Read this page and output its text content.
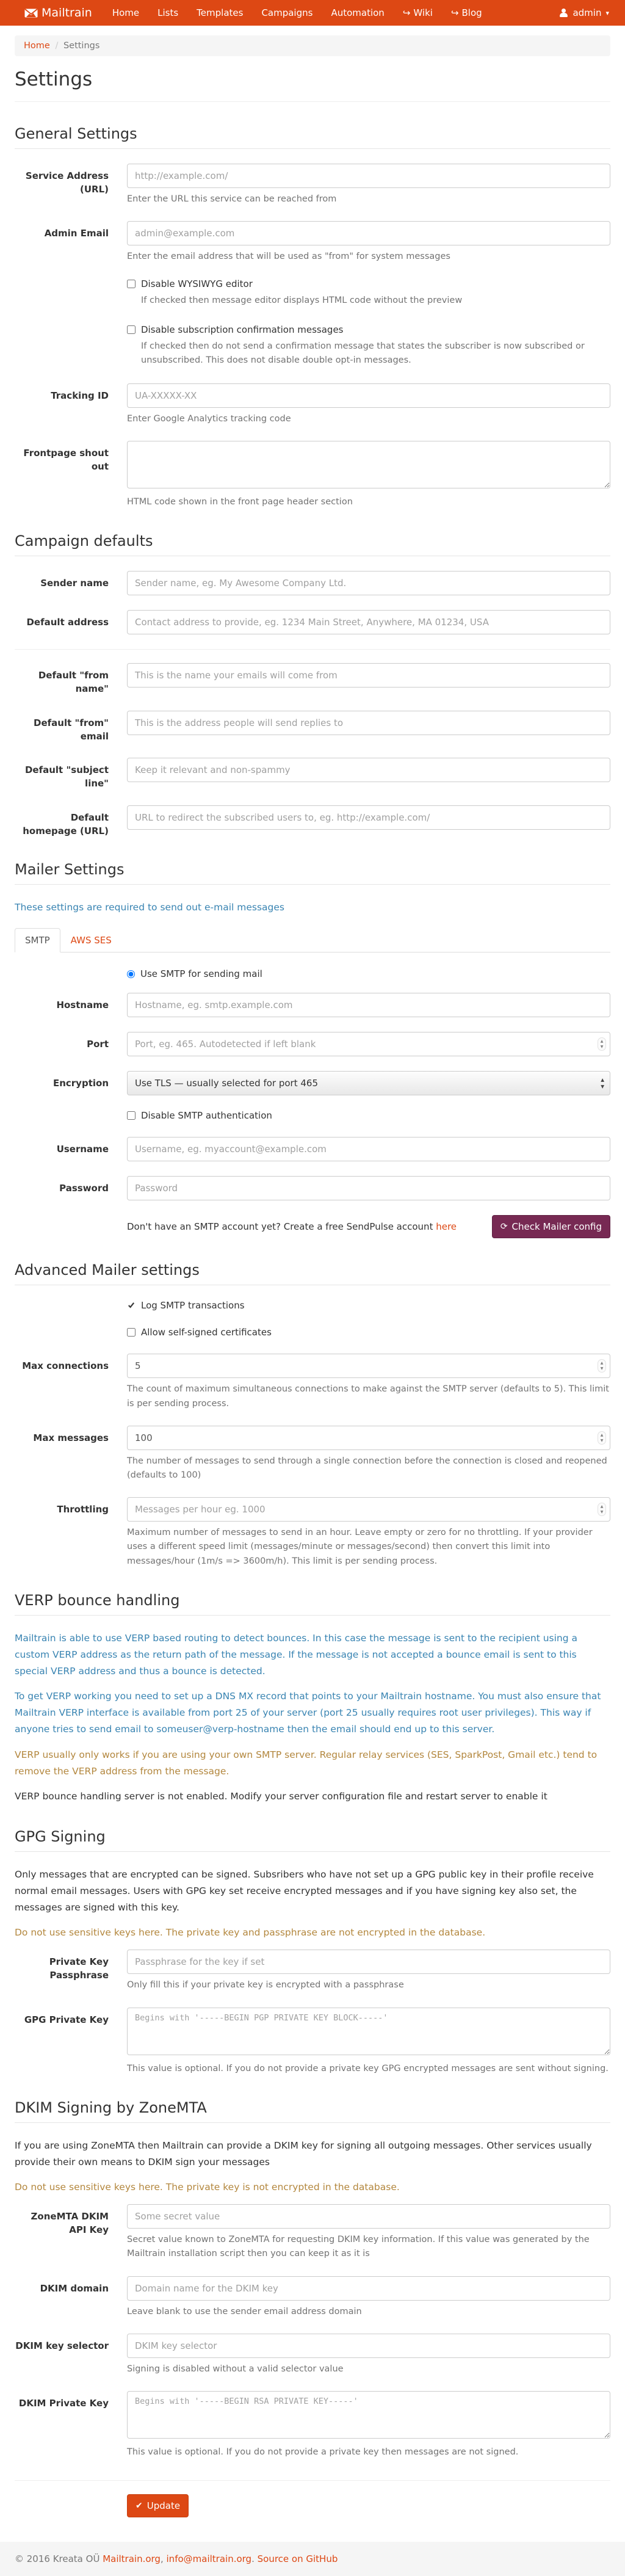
Mailtrain Home Lists Templates Campaigns Automation ↪ Wiki ↪ Blog	admin ▾
Home / Settings
Settings
General Settings
Service Address (URL)
http://example.com/
Enter the URL this service can be reached from
Admin Email
admin@example.com
Enter the email address that will be used as "from" for system messages
Disable WYSIWYG editor
If checked then message editor displays HTML code without the preview
Disable subscription confirmation messages
If checked then do not send a confirmation message that states the subscriber is now subscribed or unsubscribed. This does not disable double opt-in messages.
Tracking ID
UA-XXXXX-XX
Enter Google Analytics tracking code
Frontpage shout out
HTML code shown in the front page header section
Campaign defaults
Sender name
Sender name, eg. My Awesome Company Ltd.
Default address
Contact address to provide, eg. 1234 Main Street, Anywhere, MA 01234, USA
Default "from name"
This is the name your emails will come from
Default "from" email
This is the address people will send replies to
Default "subject line"
Keep it relevant and non-spammy
Default homepage (URL)
URL to redirect the subscribed users to, eg. http://example.com/
Mailer Settings

These settings are required to send out e-mail messages

SMTP	AWS SES
Use SMTP for sending mail
Hostname
Hostname, eg. smtp.example.com
Port
Port, eg. 465. Autodetected if left blank	▲
▼
Encryption
Use TLS — usually selected for port 465	▲
▼
Disable SMTP authentication
Username
Username, eg. myaccount@example.com
Password
Don't have an SMTP account yet? Create a free SendPulse account here	⟳ Check Mailer config
Advanced Mailer settings
Log SMTP transactions
Allow self-signed certificates
Max connections
5	▲
▼
The count of maximum simultaneous connections to make against the SMTP server (defaults to 5). This limit is per sending process.
Max messages
100	▲
▼
The number of messages to send through a single connection before the connection is closed and reopened (defaults to 100)
Throttling
Messages per hour eg. 1000	▲
▼
Maximum number of messages to send in an hour. Leave empty or zero for no throttling. If your provider uses a different speed limit (messages/minute or messages/second) then convert this limit into messages/hour (1m/s => 3600m/h). This limit is per sending process.
VERP bounce handling

Mailtrain is able to use VERP based routing to detect bounces. In this case the message is sent to the recipient using a custom VERP address as the return path of the message. If the message is not accepted a bounce email is sent to this special VERP address and thus a bounce is detected.

To get VERP working you need to set up a DNS MX record that points to your Mailtrain hostname. You must also ensure that Mailtrain VERP interface is available from port 25 of your server (port 25 usually requires root user privileges). This way if anyone tries to send email to someuser@verp-hostname then the email should end up to this server.

VERP usually only works if you are using your own SMTP server. Regular relay services (SES, SparkPost, Gmail etc.) tend to remove the VERP address from the message.

VERP bounce handling server is not enabled. Modify your server configuration file and restart server to enable it

GPG Signing

Only messages that are encrypted can be signed. Subsribers who have not set up a GPG public key in their profile receive normal email messages. Users with GPG key set receive encrypted messages and if you have signing key also set, the messages are signed with this key.

Do not use sensitive keys here. The private key and passphrase are not encrypted in the database.

Private Key Passphrase
Passphrase for the key if set
Only fill this if your private key is encrypted with a passphrase
GPG Private Key
Begins with '-----BEGIN PGP PRIVATE KEY BLOCK-----'
This value is optional. If you do not provide a private key GPG encrypted messages are sent without signing.
DKIM Signing by ZoneMTA

If you are using ZoneMTA then Mailtrain can provide a DKIM key for signing all outgoing messages. Other services usually provide their own means to DKIM sign your messages

Do not use sensitive keys here. The private key is not encrypted in the database.

ZoneMTA DKIM API Key
Some secret value
Secret value known to ZoneMTA for requesting DKIM key information. If this value was generated by the Mailtrain installation script then you can keep it as it is
DKIM domain
Domain name for the DKIM key
Leave blank to use the sender email address domain
DKIM key selector
DKIM key selector
Signing is disabled without a valid selector value
DKIM Private Key
Begins with '-----BEGIN RSA PRIVATE KEY-----'
This value is optional. If you do not provide a private key then messages are not signed.
✔ Update
© 2016 Kreata OÜ Mailtrain.org, info@mailtrain.org. Source on GitHub
